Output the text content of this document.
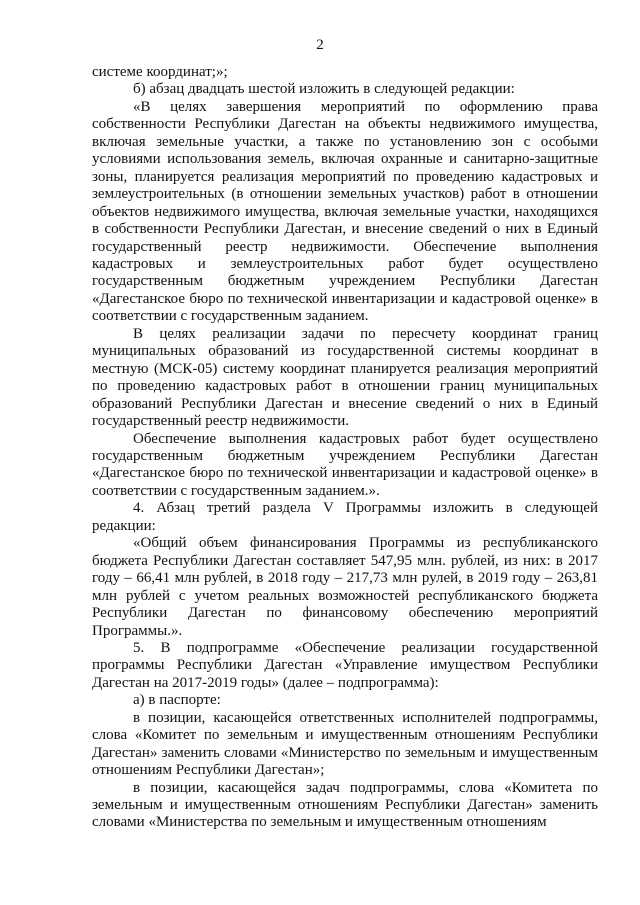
2

системе координат;»;

б) абзац двадцать шестой изложить в следующей редакции:

«В целях завершения мероприятий по оформлению права собственности Республики Дагестан на объекты недвижимого имущества, включая земельные участки, а также по установлению зон с особыми условиями использования земель, включая охранные и санитарно-защитные зоны, планируется реализация мероприятий по проведению кадастровых и землеустроительных (в отношении земельных участков) работ в отношении объектов недвижимого имущества, включая земельные участки, находящихся в собственности Республики Дагестан, и внесение сведений о них в Единый государственный реестр недвижимости. Обеспечение выполнения кадастровых и землеустроительных работ будет осуществлено государственным бюджетным учреждением Республики Дагестан «Дагестанское бюро по технической инвентаризации и кадастровой оценке» в соответствии с государственным заданием.

В целях реализации задачи по пересчету координат границ муниципальных образований из государственной системы координат в местную (МСК-05) систему координат планируется реализация мероприятий по проведению кадастровых работ в отношении границ муниципальных образований Республики Дагестан и внесение сведений о них в Единый государственный реестр недвижимости.

Обеспечение выполнения кадастровых работ будет осуществлено государственным бюджетным учреждением Республики Дагестан «Дагестанское бюро по технической инвентаризации и кадастровой оценке» в соответствии с государственным заданием.».

4. Абзац третий раздела V Программы изложить в следующей редакции:

«Общий объем финансирования Программы из республиканского бюджета Республики Дагестан составляет 547,95 млн. рублей, из них: в 2017 году – 66,41 млн рублей, в 2018 году – 217,73 млн рулей, в 2019 году – 263,81 млн рублей с учетом реальных возможностей республиканского бюджета Республики Дагестан по финансовому обеспечению мероприятий Программы.».

5. В подпрограмме «Обеспечение реализации государственной программы Республики Дагестан «Управление имуществом Республики Дагестан на 2017-2019 годы» (далее – подпрограмма):

а) в паспорте:

в позиции, касающейся ответственных исполнителей подпрограммы, слова «Комитет по земельным и имущественным отношениям Республики Дагестан» заменить словами «Министерство по земельным и имущественным отношениям Республики Дагестан»;

в позиции, касающейся задач подпрограммы, слова «Комитета по земельным и имущественным отношениям Республики Дагестан» заменить словами «Министерства по земельным и имущественным отношениям
